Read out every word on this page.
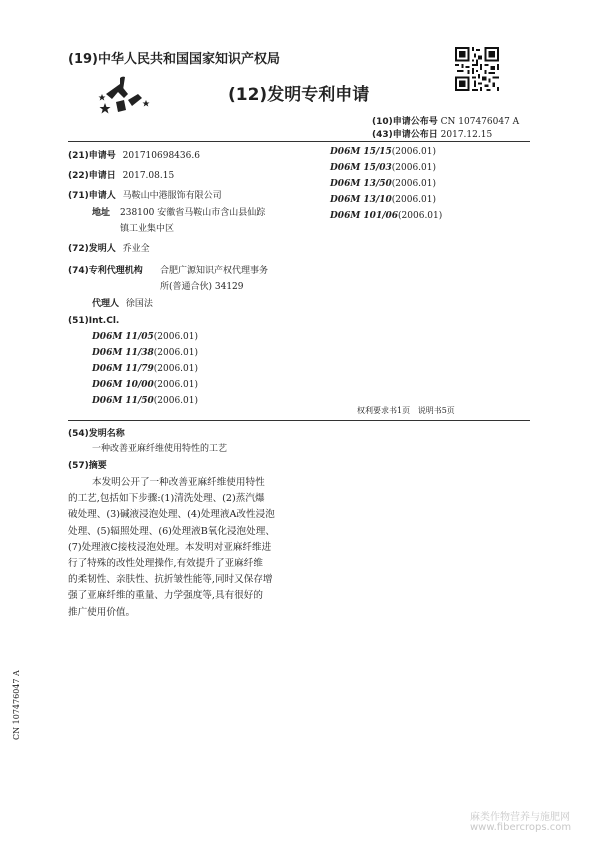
(19)中华人民共和国国家知识产权局
(12)发明专利申请
(10)申请公布号 CN 107476047 A
(43)申请公布日 2017.12.15
(21)申请号 201710698436.6
(22)申请日 2017.08.15
(71)申请人 马鞍山中港服饰有限公司
地址 238100 安徽省马鞍山市含山县仙踪
镇工业集中区
(72)发明人 乔业全
(74)专利代理机构 合肥广源知识产权代理事务
所(普通合伙) 34129
代理人 徐国法
(51)Int.Cl.
D06M 11/05(2006.01)
D06M 11/38(2006.01)
D06M 11/79(2006.01)
D06M 10/00(2006.01)
D06M 11/50(2006.01)
D06M 15/15(2006.01)
D06M 15/03(2006.01)
D06M 13/50(2006.01)
D06M 13/10(2006.01)
D06M 101/06(2006.01)
权利要求书1页   说明书5页
(54)发明名称
一种改善亚麻纤维使用特性的工艺
(57)摘要
本发明公开了一种改善亚麻纤维使用特性
的工艺,包括如下步骤:(1)清洗处理、(2)蒸汽爆
破处理、(3)碱液浸泡处理、(4)处理液A改性浸泡
处理、(5)辐照处理、(6)处理液B氧化浸泡处理、
(7)处理液C接枝浸泡处理。本发明对亚麻纤维进
行了特殊的改性处理操作,有效提升了亚麻纤维
的柔韧性、亲肤性、抗折皱性能等,同时又保存增
强了亚麻纤维的重量、力学强度等,具有很好的
推广使用价值。
CN 107476047 A
麻类作物营养与施肥网
www.fibercrops.com
